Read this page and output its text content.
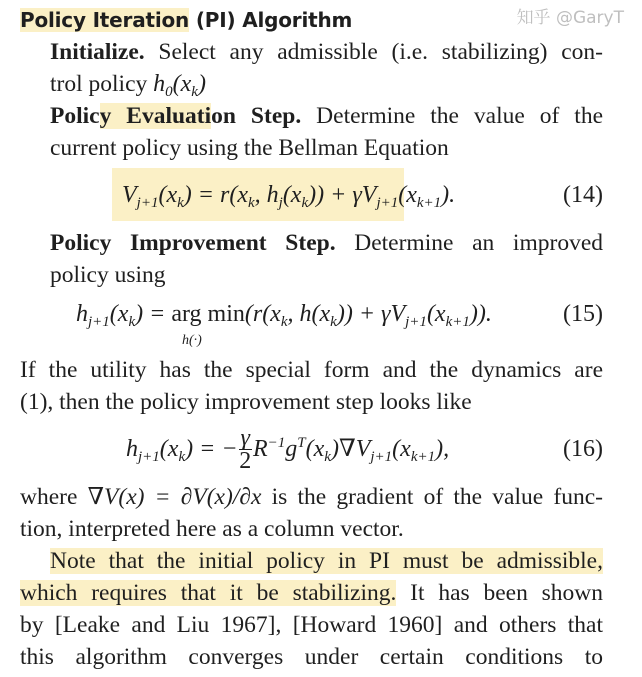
Policy Iteration (PI) Algorithm	知乎 @GaryT
Initialize. Select any admissible (i.e. stabilizing) con-
trol policy $h_0(x_k)$
Policy Evaluation Step. Determine the value of the
current policy using the Bellman Equation
$V_{j+1}(x_k) = r(x_k$, $h_j(x_k)) + \gamma V_{j+1}(x_{k+1})$.	(14)
Policy Improvement Step. Determine an improved
policy using
$h_{j+1}(x_k)$ = arg $\min(r(x_k$, $h(x_k)) + \gamma V_{j+1}(x_{k+1})$).
h(·)
(15)
If the utility has the special form and the dynamics are
(1), then the policy improvement step looks like
$h_{j+1}(x_k)$ = − $\frac{\gamma}{2} R^{-1}g^T(x_k)\nabla V_{j+1}(x_{k+1})$,	(16)
where ∇V(x) = ∂V(x)/∂x is the gradient of the value func-
tion, interpreted here as a column vector.
Note that the initial policy in PI must be admissible,
which requires that it be stabilizing. It has been shown
by [Leake and Liu 1967], [Howard 1960] and others that
this algorithm converges under certain conditions to
